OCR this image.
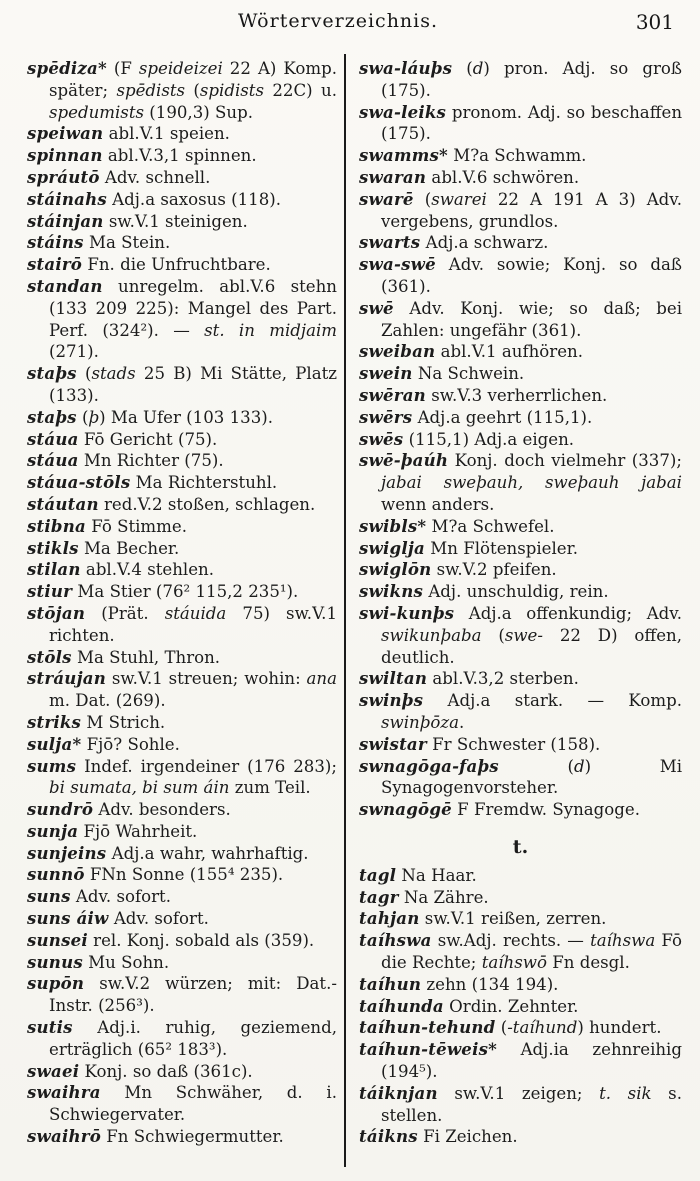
Wörterverzeichnis.	301

spēdiza* (F speideizei 22 A) Komp. später; spēdists (spidists 22C) u. spedumists (190,3) Sup.

speiwan abl.V.1 speien.

spinnan abl.V.3,1 spinnen.

spráutō Adv. schnell.

stáinahs Adj.a saxosus (118).

stáinjan sw.V.1 steinigen.

stáins Ma Stein.

stairō Fn. die Unfruchtbare.

standan unregelm. abl.V.6 stehn (133 209 225): Mangel des Part. Perf. (324²). — st. in midjaim (271).

staþs (stads 25 B) Mi Stätte, Platz (133).

staþs (þ) Ma Ufer (103 133).

stáua Fō Gericht (75).

stáua Mn Richter (75).

stáua-stōls Ma Richterstuhl.

stáutan red.V.2 stoßen, schlagen.

stibna Fō Stimme.

stikls Ma Becher.

stilan abl.V.4 stehlen.

stiur Ma Stier (76² 115,2 235¹).

stōjan (Prät. stáuida 75) sw.V.1 richten.

stōls Ma Stuhl, Thron.

stráujan sw.V.1 streuen; wohin: ana m. Dat. (269).

striks M Strich.

sulja* Fjō? Sohle.

sums Indef. irgendeiner (176 283); bi sumata, bi sum áin zum Teil.

sundrō Adv. besonders.

sunja Fjō Wahrheit.

sunjeins Adj.a wahr, wahrhaftig.

sunnō FNn Sonne (155⁴ 235).

suns Adv. sofort.

suns áiw Adv. sofort.

sunsei rel. Konj. sobald als (359).

sunus Mu Sohn.

supōn sw.V.2 würzen; mit: Dat.-Instr. (256³).

sutis Adj.i. ruhig, geziemend, erträglich (65² 183³).

swaei Konj. so daß (361c).

swaihra Mn Schwäher, d. i. Schwiegervater.

swaihrō Fn Schwiegermutter.

swa-láuþs (d) pron. Adj. so groß (175).

swa-leiks pronom. Adj. so beschaffen (175).

swamms* M?a Schwamm.

swaran abl.V.6 schwören.

swarē (swarei 22 A 191 A 3) Adv. vergebens, grundlos.

swarts Adj.a schwarz.

swa-swē Adv. sowie; Konj. so daß (361).

swē Adv. Konj. wie; so daß; bei Zahlen: ungefähr (361).

sweiban abl.V.1 aufhören.

swein Na Schwein.

swēran sw.V.3 verherrlichen.

swērs Adj.a geehrt (115,1).

swēs (115,1) Adj.a eigen.

swē-þaúh Konj. doch vielmehr (337); jabai sweþauh, sweþauh jabai wenn anders.

swibls* M?a Schwefel.

swiglja Mn Flötenspieler.

swiglōn sw.V.2 pfeifen.

swikns Adj. unschuldig, rein.

swi-kunþs Adj.a offenkundig; Adv. swikunþaba (swe- 22 D) offen, deutlich.

swiltan abl.V.3,2 sterben.

swinþs Adj.a stark. — Komp. swinþōza.

swistar Fr Schwester (158).

swnagōga-faþs	(d) Mi Synagogenvorsteher.

swnagōgē F Fremdw. Synagoge.

t.

tagl Na Haar.

tagr Na Zähre.

tahjan sw.V.1 reißen, zerren.

taíhswa sw.Adj. rechts. — taíhswa Fō die Rechte; taíhswō Fn desgl.

taíhun zehn (134 194).

taíhunda Ordin. Zehnter.

taíhun-tehund (-taíhund) hundert.

taíhun-tēweis* Adj.ia zehnreihig (194⁵).

táiknjan sw.V.1 zeigen; t. sik s. stellen.

táikns Fi Zeichen.
